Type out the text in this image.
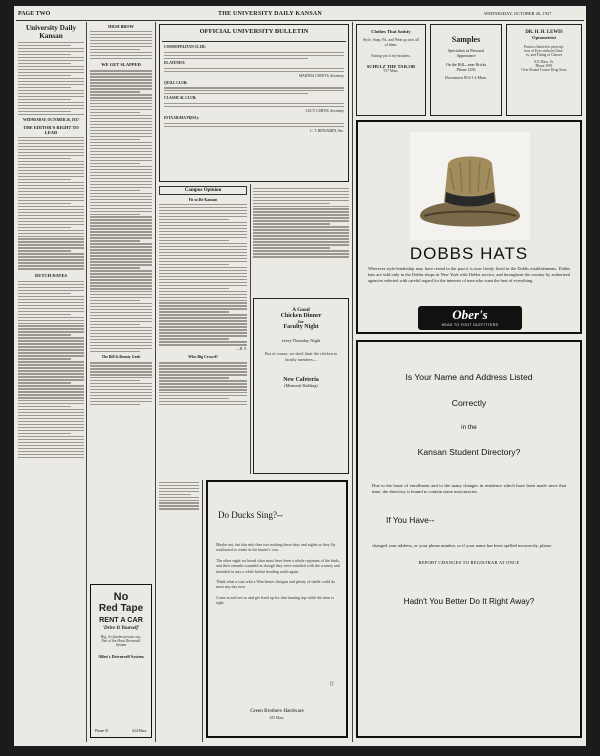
PAGE TWO	THE UNIVERSITY DAILY KANSAN	WEDNESDAY, OCTOBER 26, 1927
University Daily Kansan
WEDNESDAY, OCTOBER 26, 1927
THE EDITOR'S RIGHT TO LEAD
DUTCH DATES
HIGH BROW
WE GET SLAPPED
The Bill Is Beauty Garb
No
Red Tape
RENT A CAR
'Drive It Yourself'
Big, 4-cylinder private cars,
Part of the Horn Drivurself
System
Allen's Drivurself System
Phone 65	624 Mass.
OFFICIAL UNIVERSITY BULLETIN
COSMOPOLITAN CLUB:
EL ATENEO:
MARTHA CROFTS, Secretary
QUILL CLUB:
CLASSICAL CLUB:
LUCY CURTIS, Secretary
IOTA SIGMA PI(DA):
C. T. BENJAMIN, Sec.
Campus Opinion
Fit to Be Kansan
—R. S.
Who Big Crowd?
A Good
Chicken Dinner
for
Faculty Night
every Thursday Night
But of course, we don't limit the chicken to faculty members—
New Cafeteria
(Memorial Building)
Do Ducks Sing?--

Maybe not, but this mitt thee two nothing these days and nights so they fly southward to create in the hunter's con.

The other night we heard what must have been a whole regiment of the birds, and their remarks sounded as though they were satisfied with the country and intended to stay a while before heading south again.

Think what a vast with a Winchester shotgun and plenty of shells could do most any day now.

Come in and see us and get fixed up for that hunting trip while the time is right.

Green Brothers Hardware
635 Mass.
Clothes That Satisfy
Style, Snap, Fit, and Wear go into all of them.
Suiting you is my business.
SCHULZ THE TAILOR
917 Mass.
Samples
Specialists in Personal
Appearance
On the Hill—near Bricks
Phone 1256
Downtown 814-1-2 Mass.
DR. H. H. LEWIS
Optometrist
Practice limited to prescrip-
tion of Eyes without Glass-
es, and Fitting of Glasses
811 Mass. St.
Phone 1091
Over Round Corner Drug Store
DOBBS HATS
Wherever style-leadership may have rested in the past it is now firmly fixed in the Dobbs establishments. Dobbs hats are sold only in the Dobbs shops in New York with Dobbs service, and throughout the country by authorized agencies selected with careful regard for the interests of men who want the best of everything.
Ober's
HEAD TO FOOT OUTFITTERS
Is Your Name and Address Listed
Correctly
in the
Kansan Student Directory?
Due to the haste of enrollment and to the many changes in residence which have been made since that time, the directory is bound to contain some inaccuracies.
If You Have--
changed your address, or your phone number, or if your name has been spelled incorrectly, please
REPORT CHANGES TO REGISTRAR AT ONCE
Hadn't You Better Do It Right Away?
0
